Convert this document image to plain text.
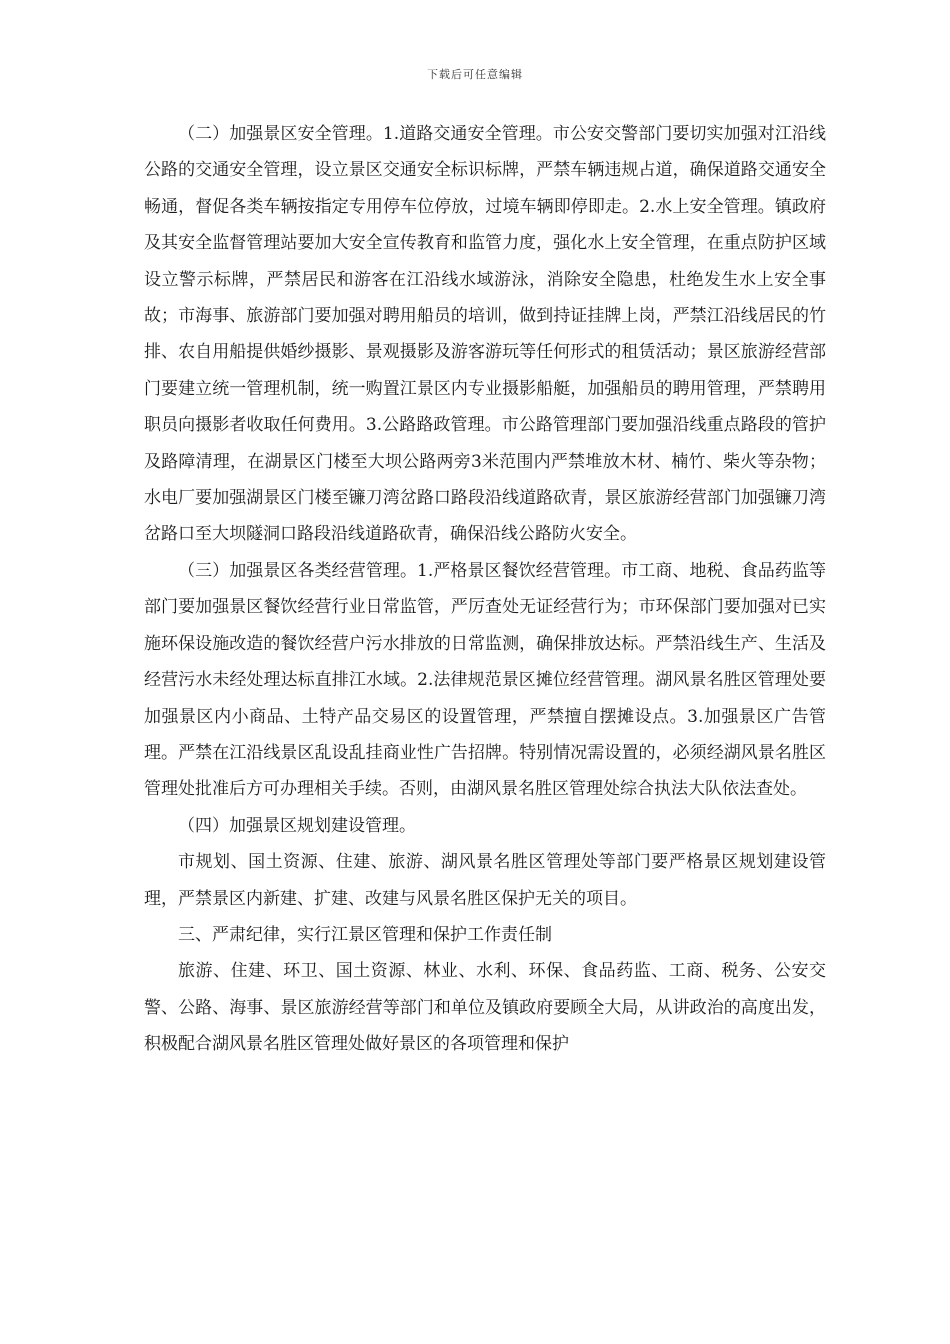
下载后可任意编辑

（二）加强景区安全管理。1.道路交通安全管理。市公安交警部门要切实加强对江沿线公路的交通安全管理，设立景区交通安全标识标牌，严禁车辆违规占道，确保道路交通安全畅通，督促各类车辆按指定专用停车位停放，过境车辆即停即走。2.水上安全管理。镇政府及其安全监督管理站要加大安全宣传教育和监管力度，强化水上安全管理，在重点防护区域设立警示标牌，严禁居民和游客在江沿线水域游泳，消除安全隐患，杜绝发生水上安全事故；市海事、旅游部门要加强对聘用船员的培训，做到持证挂牌上岗，严禁江沿线居民的竹排、农自用船提供婚纱摄影、景观摄影及游客游玩等任何形式的租赁活动；景区旅游经营部门要建立统一管理机制，统一购置江景区内专业摄影船艇，加强船员的聘用管理，严禁聘用职员向摄影者收取任何费用。3.公路路政管理。市公路管理部门要加强沿线重点路段的管护及路障清理，在湖景区门楼至大坝公路两旁3米范围内严禁堆放木材、楠竹、柴火等杂物；水电厂要加强湖景区门楼至镰刀湾岔路口路段沿线道路砍青，景区旅游经营部门加强镰刀湾岔路口至大坝隧洞口路段沿线道路砍青，确保沿线公路防火安全。

（三）加强景区各类经营管理。1.严格景区餐饮经营管理。市工商、地税、食品药监等部门要加强景区餐饮经营行业日常监管，严厉查处无证经营行为；市环保部门要加强对已实施环保设施改造的餐饮经营户污水排放的日常监测，确保排放达标。严禁沿线生产、生活及经营污水未经处理达标直排江水域。2.法律规范景区摊位经营管理。湖风景名胜区管理处要加强景区内小商品、土特产品交易区的设置管理，严禁擅自摆摊设点。3.加强景区广告管理。严禁在江沿线景区乱设乱挂商业性广告招牌。特别情况需设置的，必须经湖风景名胜区管理处批准后方可办理相关手续。否则，由湖风景名胜区管理处综合执法大队依法查处。

（四）加强景区规划建设管理。

市规划、国土资源、住建、旅游、湖风景名胜区管理处等部门要严格景区规划建设管理，严禁景区内新建、扩建、改建与风景名胜区保护无关的项目。

三、严肃纪律，实行江景区管理和保护工作责任制

旅游、住建、环卫、国土资源、林业、水利、环保、食品药监、工商、税务、公安交警、公路、海事、景区旅游经营等部门和单位及镇政府要顾全大局，从讲政治的高度出发，积极配合湖风景名胜区管理处做好景区的各项管理和保护
